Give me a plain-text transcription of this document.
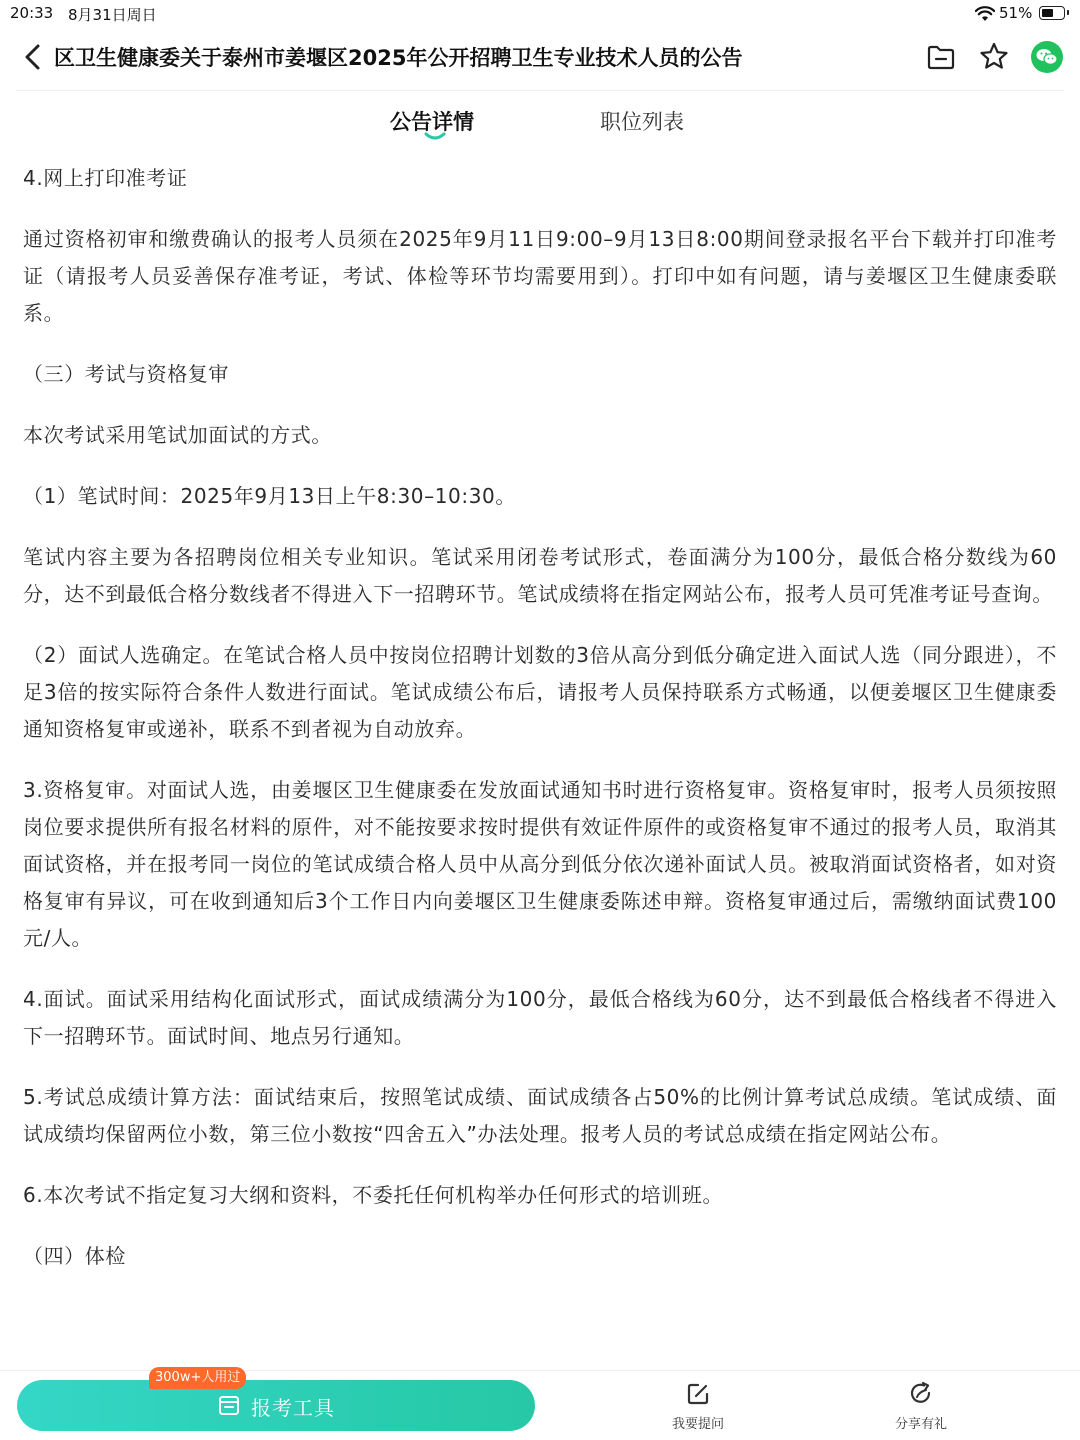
20:33 8月31日周日	51%
区卫生健康委关于泰州市姜堰区2025年公开招聘卫生专业技术人员的公告
公告详情	职位列表

4.网上打印准考证

通过资格初审和缴费确认的报考人员须在2025年9月11日9:00–9月13日8:00期间登录报名平台下载并打印准考证（请报考人员妥善保存准考证，考试、体检等环节均需要用到）。打印中如有问题，请与姜堰区卫生健康委联系。

（三）考试与资格复审

本次考试采用笔试加面试的方式。

（1）笔试时间：2025年9月13日上午8:30–10:30。

笔试内容主要为各招聘岗位相关专业知识。笔试采用闭卷考试形式，卷面满分为100分，最低合格分数线为60分，达不到最低合格分数线者不得进入下一招聘环节。笔试成绩将在指定网站公布，报考人员可凭准考证号查询。

（2）面试人选确定。在笔试合格人员中按岗位招聘计划数的3倍从高分到低分确定进入面试人选（同分跟进），不足3倍的按实际符合条件人数进行面试。笔试成绩公布后，请报考人员保持联系方式畅通，以便姜堰区卫生健康委通知资格复审或递补，联系不到者视为自动放弃。

3.资格复审。对面试人选，由姜堰区卫生健康委在发放面试通知书时进行资格复审。资格复审时，报考人员须按照岗位要求提供所有报名材料的原件，对不能按要求按时提供有效证件原件的或资格复审不通过的报考人员，取消其面试资格，并在报考同一岗位的笔试成绩合格人员中从高分到低分依次递补面试人员。被取消面试资格者，如对资格复审有异议，可在收到通知后3个工作日内向姜堰区卫生健康委陈述申辩。资格复审通过后，需缴纳面试费100元/人。

4.面试。面试采用结构化面试形式，面试成绩满分为100分，最低合格线为60分，达不到最低合格线者不得进入下一招聘环节。面试时间、地点另行通知。

5.考试总成绩计算方法：面试结束后，按照笔试成绩、面试成绩各占50%的比例计算考试总成绩。笔试成绩、面试成绩均保留两位小数，第三位小数按“四舍五入”办法处理。报考人员的考试总成绩在指定网站公布。

6.本次考试不指定复习大纲和资料，不委托任何机构举办任何形式的培训班。

（四）体检

报考工具
300w+人用过
我要提问	分享有礼
